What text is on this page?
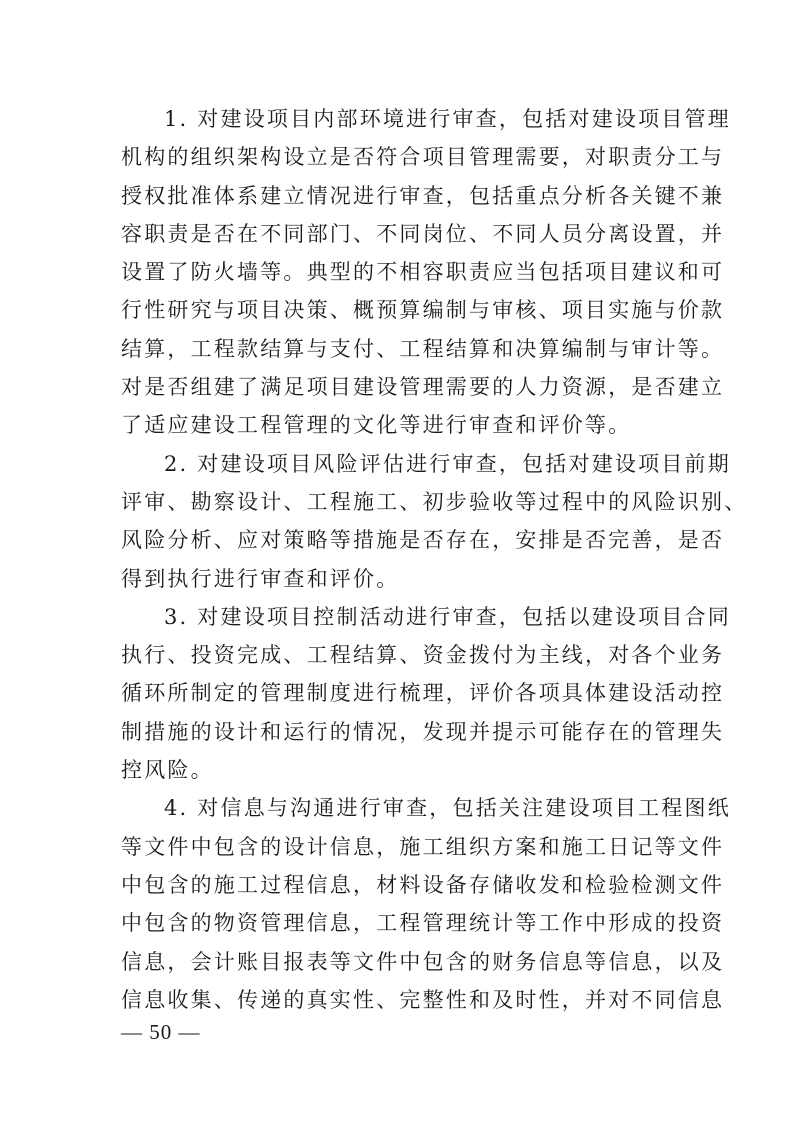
1. 对建设项目内部环境进行审查，包括对建设项目管理
机构的组织架构设立是否符合项目管理需要，对职责分工与
授权批准体系建立情况进行审查，包括重点分析各关键不兼
容职责是否在不同部门、不同岗位、不同人员分离设置，并
设置了防火墙等。典型的不相容职责应当包括项目建议和可
行性研究与项目决策、概预算编制与审核、项目实施与价款
结算，工程款结算与支付、工程结算和决算编制与审计等。
对是否组建了满足项目建设管理需要的人力资源，是否建立
了适应建设工程管理的文化等进行审查和评价等。
2. 对建设项目风险评估进行审查，包括对建设项目前期
评审、勘察设计、工程施工、初步验收等过程中的风险识别、
风险分析、应对策略等措施是否存在，安排是否完善，是否
得到执行进行审查和评价。
3. 对建设项目控制活动进行审查，包括以建设项目合同
执行、投资完成、工程结算、资金拨付为主线，对各个业务
循环所制定的管理制度进行梳理，评价各项具体建设活动控
制措施的设计和运行的情况，发现并提示可能存在的管理失
控风险。
4. 对信息与沟通进行审查，包括关注建设项目工程图纸
等文件中包含的设计信息，施工组织方案和施工日记等文件
中包含的施工过程信息，材料设备存储收发和检验检测文件
中包含的物资管理信息，工程管理统计等工作中形成的投资
信息，会计账目报表等文件中包含的财务信息等信息，以及
信息收集、传递的真实性、完整性和及时性，并对不同信息
— 50 —
